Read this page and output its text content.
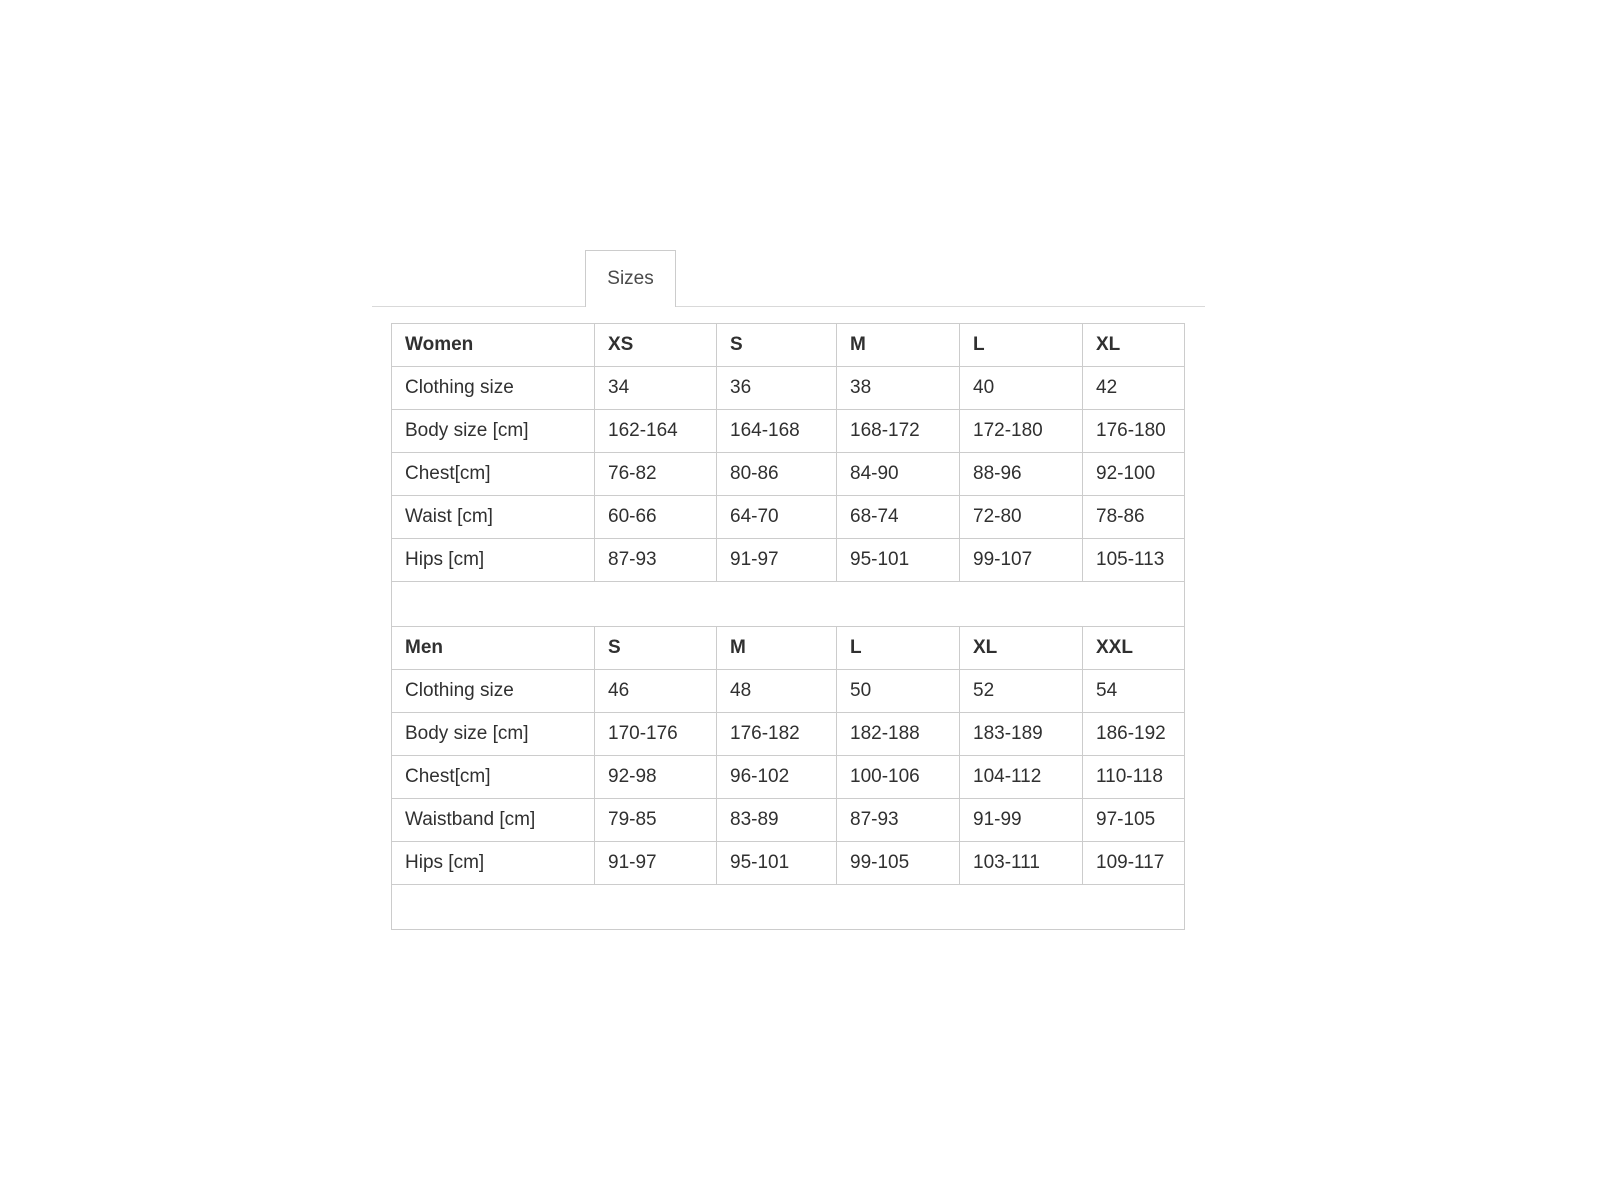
Sizes
Women	XS	S	M	L	XL
Clothing size	34	36	38	40	42
Body size [cm]	162-164	164-168	168-172	172-180	176-180
Chest[cm]	76-82	80-86	84-90	88-96	92-100
Waist [cm]	60-66	64-70	68-74	72-80	78-86
Hips [cm]	87-93	91-97	95-101	99-107	105-113

Men	S	M	L	XL	XXL
Clothing size	46	48	50	52	54
Body size [cm]	170-176	176-182	182-188	183-189	186-192
Chest[cm]	92-98	96-102	100-106	104-112	110-118
Waistband [cm]	79-85	83-89	87-93	91-99	97-105
Hips [cm]	91-97	95-101	99-105	103-111	109-117
